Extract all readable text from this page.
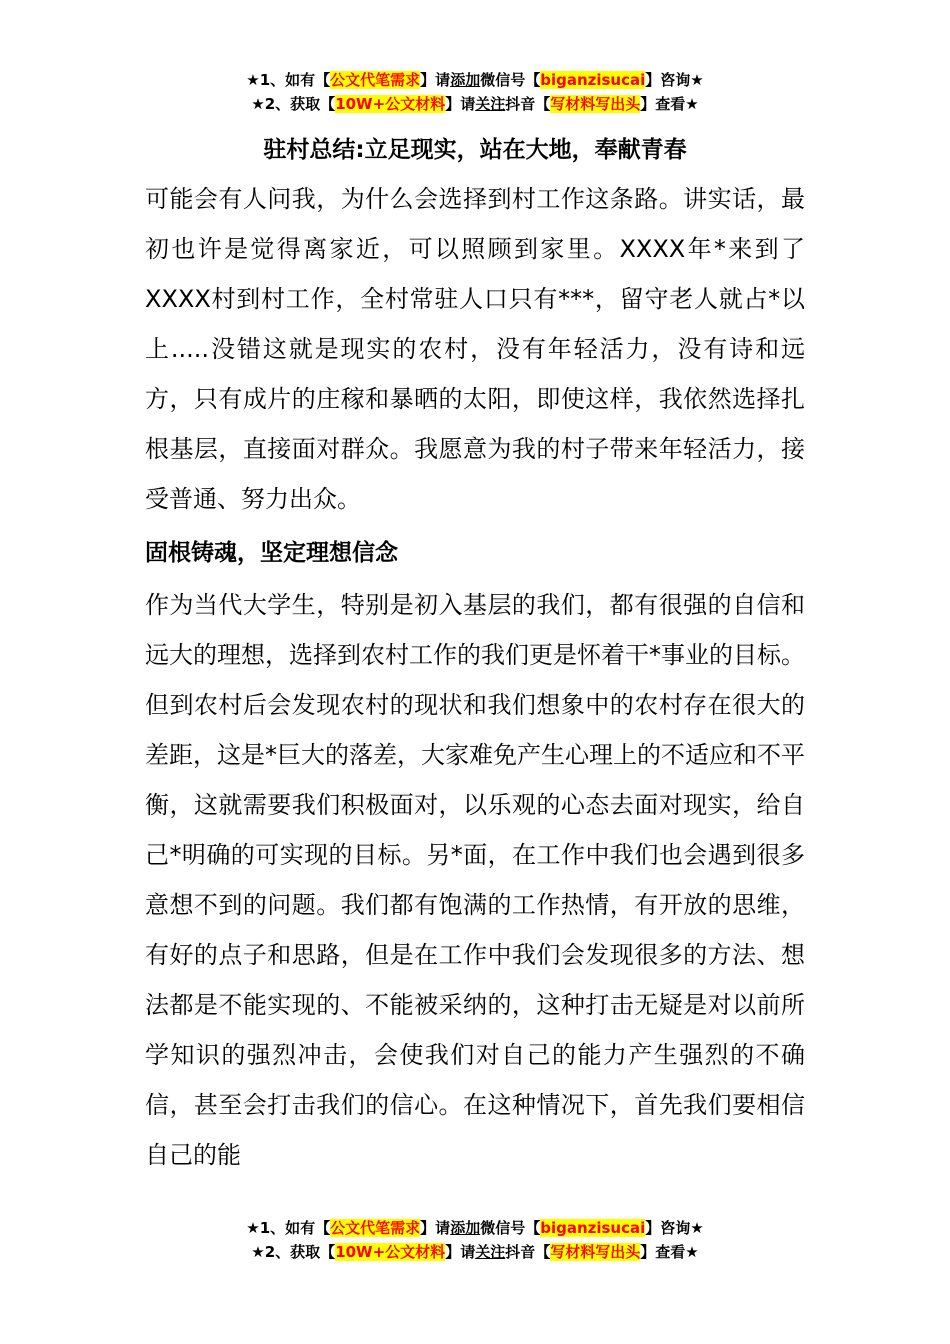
★1、如有【公文代笔需求】请添加微信号【biganzisucai】咨询★
★2、获取【10W+公文材料】请关注抖音【写材料写出头】查看★
驻村总结:立足现实，站在大地，奉献青春

可能会有人问我，为什么会选择到村工作这条路。讲实话，最初也许是觉得离家近，可以照顾到家里。XXXX年*来到了XXXX村到村工作，全村常驻人口只有***，留守老人就占*以上.....没错这就是现实的农村，没有年轻活力，没有诗和远方，只有成片的庄稼和暴晒的太阳，即使这样，我依然选择扎根基层，直接面对群众。我愿意为我的村子带来年轻活力，接受普通、努力出众。

固根铸魂，坚定理想信念

作为当代大学生，特别是初入基层的我们，都有很强的自信和远大的理想，选择到农村工作的我们更是怀着干*事业的目标。但到农村后会发现农村的现状和我们想象中的农村存在很大的差距，这是*巨大的落差，大家难免产生心理上的不适应和不平衡，这就需要我们积极面对，以乐观的心态去面对现实，给自己*明确的可实现的目标。另*面，在工作中我们也会遇到很多意想不到的问题。我们都有饱满的工作热情，有开放的思维，有好的点子和思路，但是在工作中我们会发现很多的方法、想法都是不能实现的、不能被采纳的，这种打击无疑是对以前所学知识的强烈冲击，会使我们对自己的能力产生强烈的不确信，甚至会打击我们的信心。在这种情况下，首先我们要相信自己的能

★1、如有【公文代笔需求】请添加微信号【biganzisucai】咨询★
★2、获取【10W+公文材料】请关注抖音【写材料写出头】查看★
